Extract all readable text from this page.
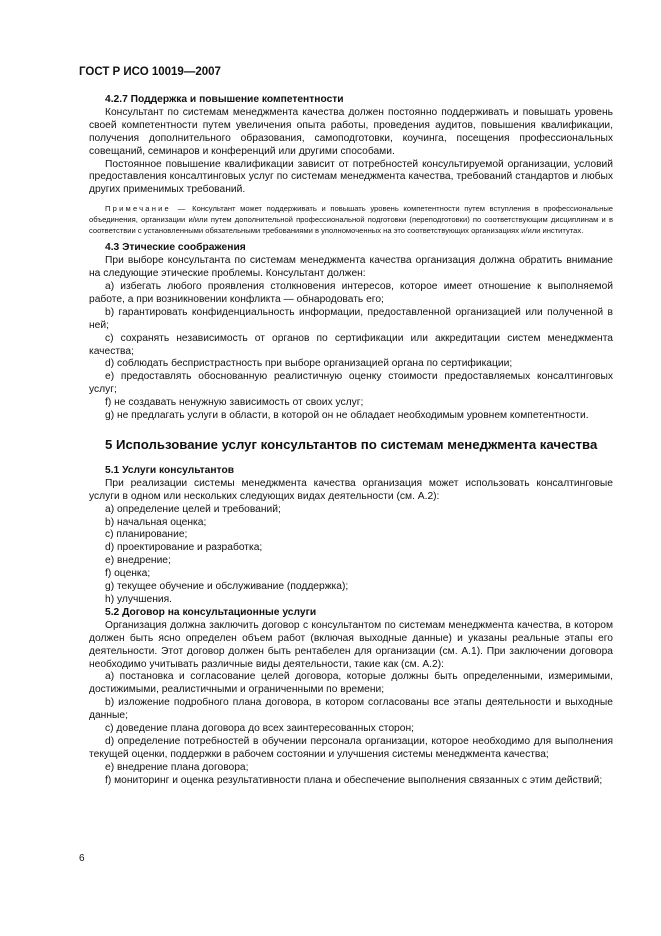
ГОСТ Р ИСО 10019—2007

4.2.7 Поддержка и повышение компетентности

Консультант по системам менеджмента качества должен постоянно поддерживать и повышать уровень своей компетентности путем увеличения опыта работы, проведения аудитов, повышения квалификации, получения дополнительного образования, самоподготовки, коучинга, посещения профессиональных совещаний, семинаров и конференций или другими способами.

Постоянное повышение квалификации зависит от потребностей консультируемой организации, условий предоставления консалтинговых услуг по системам менеджмента качества, требований стандартов и любых других применимых требований.

Примечание — Консультант может поддерживать и повышать уровень компетентности путем вступления в профессиональные объединения, организации и/или путем дополнительной профессиональной подготовки (переподготовки) по соответствующим дисциплинам и в соответствии с установленными обязательными требованиями в уполномоченных на это соответствующих организациях и/или институтах.

4.3 Этические соображения

При выборе консультанта по системам менеджмента качества организация должна обратить внимание на следующие этические проблемы. Консультант должен:

а) избегать любого проявления столкновения интересов, которое имеет отношение к выполняемой работе, а при возникновении конфликта — обнародовать его;

b) гарантировать конфиденциальность информации, предоставленной организацией или полученной в ней;

с) сохранять независимость от органов по сертификации или аккредитации систем менеджмента качества;

d) соблюдать беспристрастность при выборе организацией органа по сертификации;

е) предоставлять обоснованную реалистичную оценку стоимости предоставляемых консалтинговых услуг;

f) не создавать ненужную зависимость от своих услуг;

g) не предлагать услуги в области, в которой он не обладает необходимым уровнем компетентности.

5 Использование услуг консультантов по системам менеджмента качества

5.1 Услуги консультантов

При реализации системы менеджмента качества организация может использовать консалтинговые услуги в одном или нескольких следующих видах деятельности (см. А.2):

а) определение целей и требований;

b) начальная оценка;

с) планирование;

d) проектирование и разработка;

е) внедрение;

f) оценка;

g) текущее обучение и обслуживание (поддержка);

h) улучшения.

5.2 Договор на консультационные услуги

Организация должна заключить договор с консультантом по системам менеджмента качества, в котором должен быть ясно определен объем работ (включая выходные данные) и указаны реальные этапы его деятельности. Этот договор должен быть рентабелен для организации (см. А.1). При заключении договора необходимо учитывать различные виды деятельности, такие как (см. А.2):

а) постановка и согласование целей договора, которые должны быть определенными, измеримыми, достижимыми, реалистичными и ограниченными по времени;

b) изложение подробного плана договора, в котором согласованы все этапы деятельности и выходные данные;

с) доведение плана договора до всех заинтересованных сторон;

d) определение потребностей в обучении персонала организации, которое необходимо для выполнения текущей оценки, поддержки в рабочем состоянии и улучшения системы менеджмента качества;

е) внедрение плана договора;

f) мониторинг и оценка результативности плана и обеспечение выполнения связанных с этим действий;

6
